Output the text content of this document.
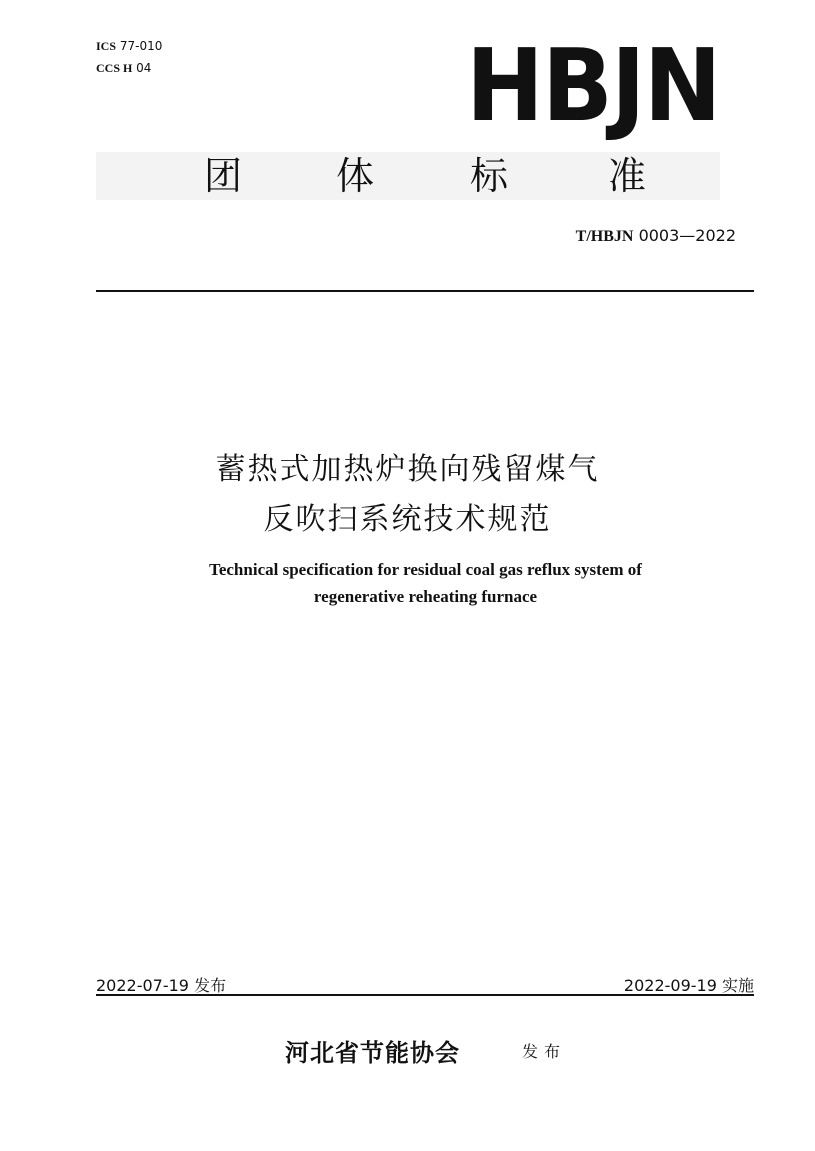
ICS 77-010
CCS H 04	HBJN
团 体	标	准
T/HBJN 0003—2022
蓄热式加热炉换向残留煤气
反吹扫系统技术规范
Technical specification for residual coal gas reflux system of
regenerative reheating furnace
2022-07-19 发布	2022-09-19 实施
河北省节能协会	发布
